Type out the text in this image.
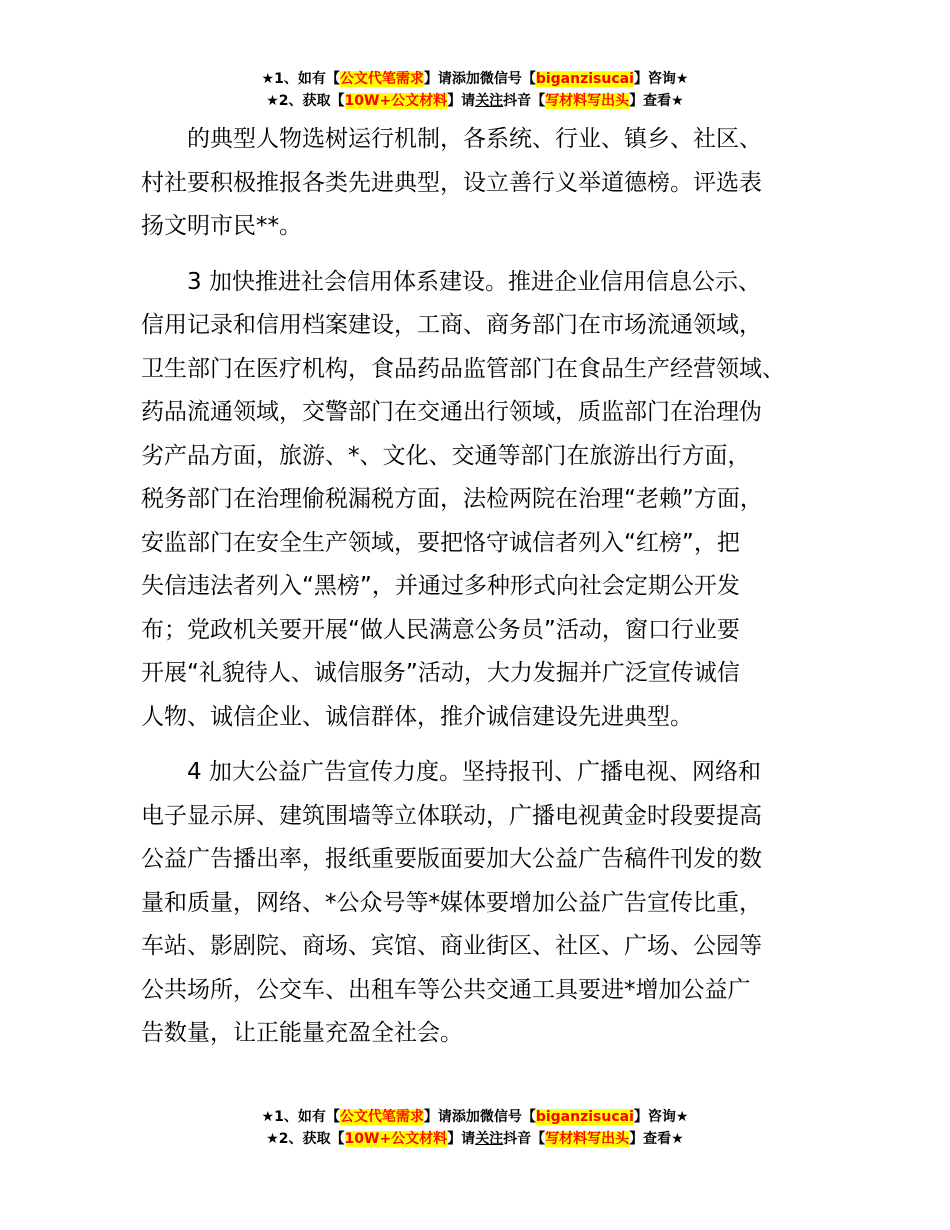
★1、如有【公文代笔需求】请添加微信号【biganzisucai】咨询★
★2、获取【10W+公文材料】请关注抖音【写材料写出头】查看★
的典型人物选树运行机制，各系统、行业、镇乡、社区、
村社要积极推报各类先进典型，设立善行义举道德榜。评选表
扬文明市民**。
3 加快推进社会信用体系建设。推进企业信用信息公示、
信用记录和信用档案建设，工商、商务部门在市场流通领域，
卫生部门在医疗机构，食品药品监管部门在食品生产经营领域、
药品流通领域，交警部门在交通出行领域，质监部门在治理伪
劣产品方面，旅游、*、文化、交通等部门在旅游出行方面，
税务部门在治理偷税漏税方面，法检两院在治理“老赖”方面，
安监部门在安全生产领域，要把恪守诚信者列入“红榜”，把
失信违法者列入“黑榜”，并通过多种形式向社会定期公开发
布；党政机关要开展“做人民满意公务员”活动，窗口行业要
开展“礼貌待人、诚信服务”活动，大力发掘并广泛宣传诚信
人物、诚信企业、诚信群体，推介诚信建设先进典型。
4 加大公益广告宣传力度。坚持报刊、广播电视、网络和
电子显示屏、建筑围墙等立体联动，广播电视黄金时段要提高
公益广告播出率，报纸重要版面要加大公益广告稿件刊发的数
量和质量，网络、*公众号等*媒体要增加公益广告宣传比重，
车站、影剧院、商场、宾馆、商业街区、社区、广场、公园等
公共场所，公交车、出租车等公共交通工具要进*增加公益广
告数量，让正能量充盈全社会。
★1、如有【公文代笔需求】请添加微信号【biganzisucai】咨询★
★2、获取【10W+公文材料】请关注抖音【写材料写出头】查看★
